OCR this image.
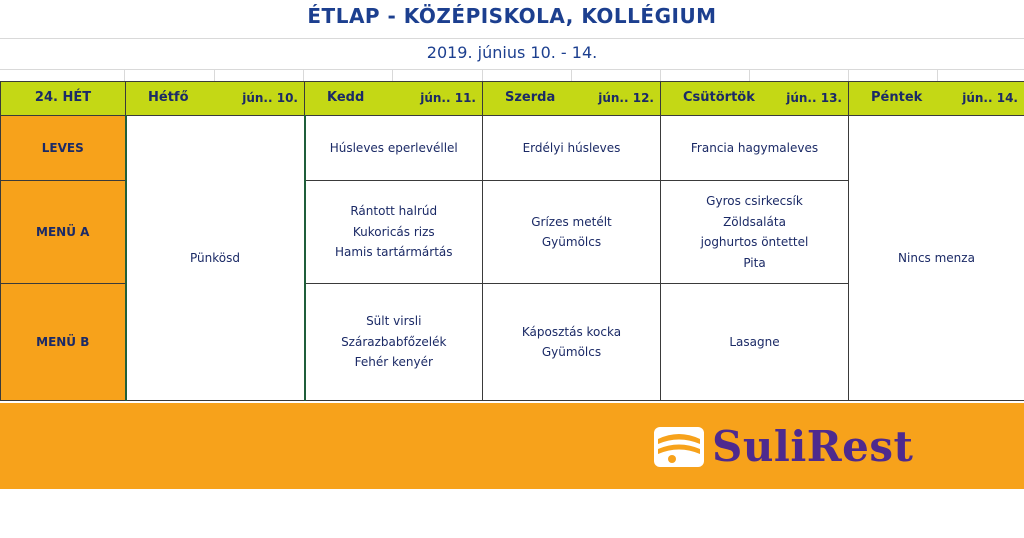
ÉTLAP - KÖZÉPISKOLA, KOLLÉGIUM
2019. június 10. - 14.
24. HÉT	Hétfő jún.. 10.	Kedd jún.. 11.	Szerda jún.. 12.	Csütörtök jún.. 13.	Péntek jún.. 14.

LEVES	Pünkösd	Húsleves eperlevéllel	Erdélyi húsleves	Francia hagymaleves	Nincs menza
MENÜ A		Rántott halrúd
Kukoricás rizs
Hamis tartármártás	Grízes metélt
Gyümölcs	Gyros csirkecsík
Zöldsaláta
joghurtos öntettel
Pita	

MENÜ B		Sült virsli
Szárazbabfőzelék
Fehér kenyér	Káposztás kocka
Gyümölcs	Lasagne	
SuliRest
